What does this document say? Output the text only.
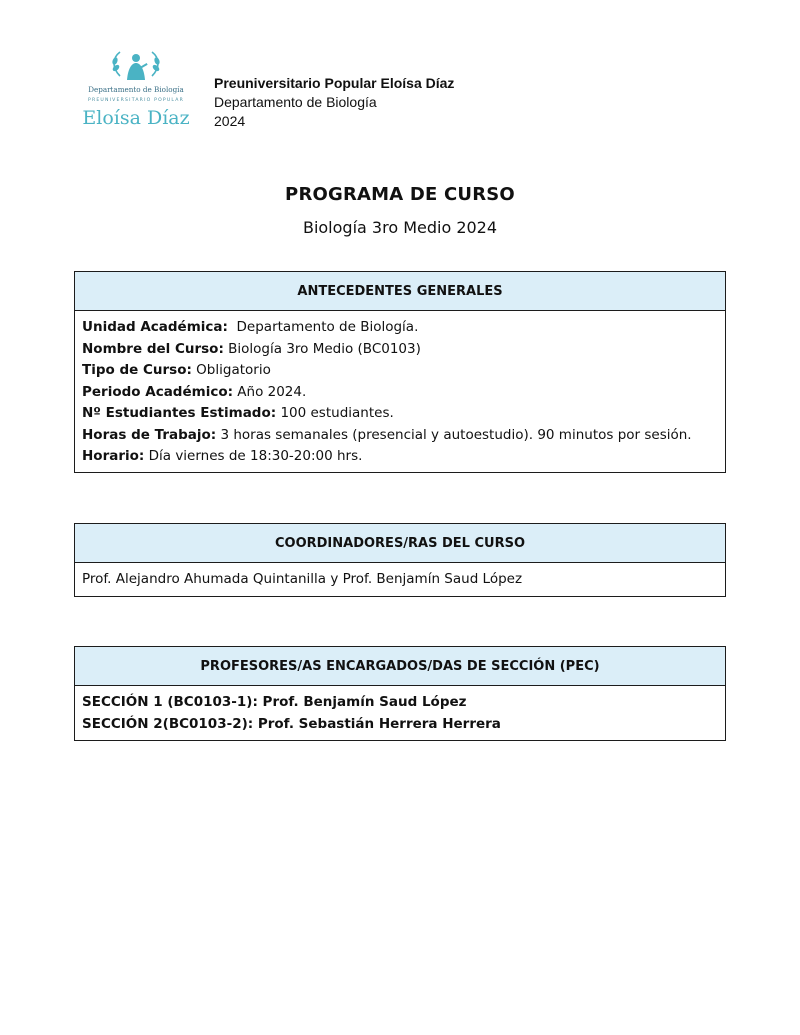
Departamento de Biología
PREUNIVERSITARIO POPULAR
Eloísa Díaz
Preuniversitario Popular Eloísa Díaz
Departamento de Biología
2024
PROGRAMA DE CURSO
Biología 3ro Medio 2024
ANTECEDENTES GENERALES
Unidad Académica:  Departamento de Biología.
Nombre del Curso: Biología 3ro Medio (BC0103)
Tipo de Curso: Obligatorio
Periodo Académico: Año 2024.
Nº Estudiantes Estimado: 100 estudiantes.
Horas de Trabajo: 3 horas semanales (presencial y autoestudio). 90 minutos por sesión.
Horario: Día viernes de 18:30-20:00 hrs.
COORDINADORES/RAS DEL CURSO
Prof. Alejandro Ahumada Quintanilla y Prof. Benjamín Saud López
PROFESORES/AS ENCARGADOS/DAS DE SECCIÓN (PEC)
SECCIÓN 1 (BC0103-1): Prof. Benjamín Saud López
SECCIÓN 2(BC0103-2): Prof. Sebastián Herrera Herrera
